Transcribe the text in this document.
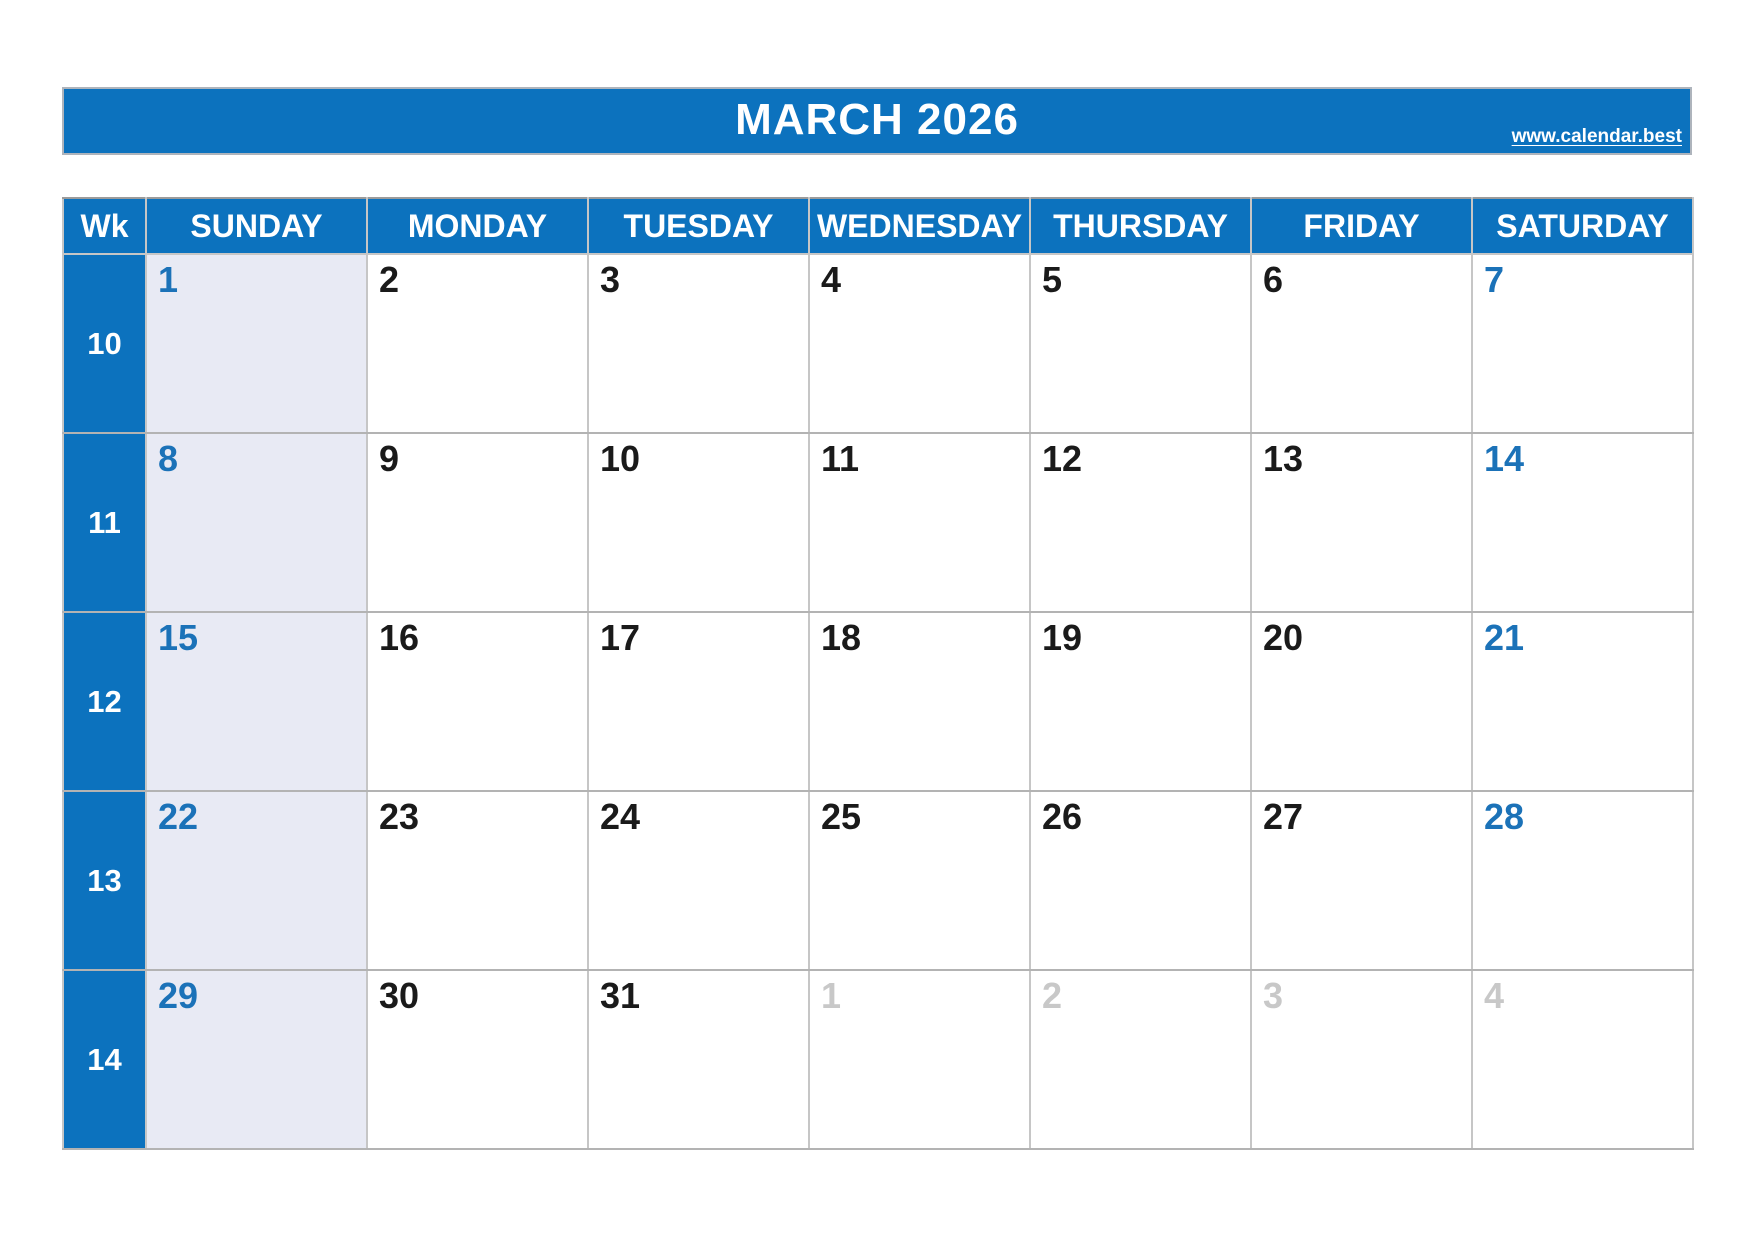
MARCH 2026	www.calendar.best
Wk	SUNDAY	MONDAY	TUESDAY	WEDNESDAY	THURSDAY	FRIDAY	SATURDAY
10	1	2	3	4	5	6	7
11	8	9	10	11	12	13	14
12	15	16	17	18	19	20	21
13	22	23	24	25	26	27	28
14	29	30	31	1	2	3	4
